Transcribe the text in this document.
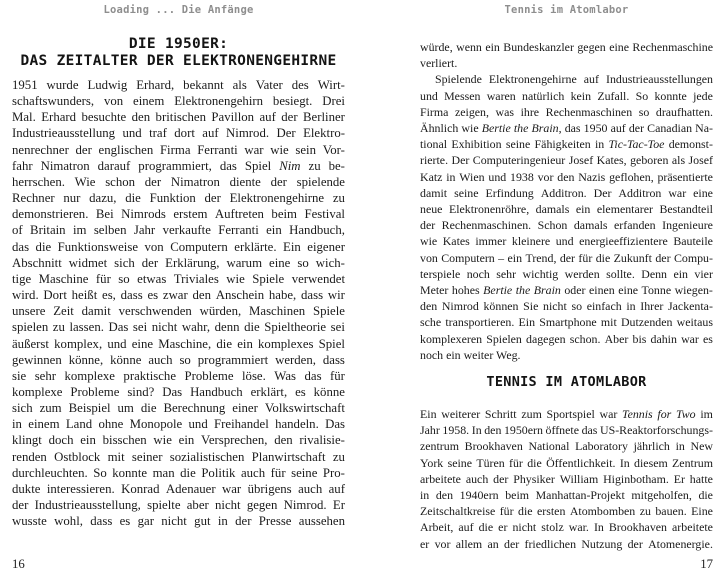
Loading ... Die Anfänge
DIE 1950ER:
DAS ZEITALTER DER ELEKTRONENGEHIRNE
1951 wurde Ludwig Erhard, bekannt als Vater des Wirt-
schaftswunders, von einem Elektronengehirn besiegt. Drei
Mal. Erhard besuchte den britischen Pavillon auf der Berliner
Industrieausstellung und traf dort auf Nimrod. Der Elektro-
nenrechner der englischen Firma Ferranti war wie sein Vor-
fahr Nimatron darauf programmiert, das Spiel Nim zu be-
herrschen. Wie schon der Nimatron diente der spielende
Rechner nur dazu, die Funktion der Elektronengehirne zu
demonstrieren. Bei Nimrods erstem Auftreten beim Festival
of Britain im selben Jahr verkaufte Ferranti ein Handbuch,
das die Funktionsweise von Computern erklärte. Ein eigener
Abschnitt widmet sich der Erklärung, warum eine so wich-
tige Maschine für so etwas Triviales wie Spiele verwendet
wird. Dort heißt es, dass es zwar den Anschein habe, dass wir
unsere Zeit damit verschwenden würden, Maschinen Spiele
spielen zu lassen. Das sei nicht wahr, denn die Spieltheorie sei
äußerst komplex, und eine Maschine, die ein komplexes Spiel
gewinnen könne, könne auch so programmiert werden, dass
sie sehr komplexe praktische Probleme löse. Was das für
komplexe Probleme sind? Das Handbuch erklärt, es könne
sich zum Beispiel um die Berechnung einer Volkswirtschaft
in einem Land ohne Monopole und Freihandel handeln. Das
klingt doch ein bisschen wie ein Versprechen, den rivalisie-
renden Ostblock mit seiner sozialistischen Planwirtschaft zu
durchleuchten. So konnte man die Politik auch für seine Pro-
dukte interessieren. Konrad Adenauer war übrigens auch auf
der Industrieausstellung, spielte aber nicht gegen Nimrod. Er
wusste wohl, dass es gar nicht gut in der Presse aussehen
16
Tennis im Atomlabor
würde, wenn ein Bundeskanzler gegen eine Rechenmaschine
verliert.
Spielende Elektronengehirne auf Industrieausstellungen
und Messen waren natürlich kein Zufall. So konnte jede
Firma zeigen, was ihre Rechenmaschinen so draufhatten.
Ähnlich wie Bertie the Brain, das 1950 auf der Canadian Na-
tional Exhibition seine Fähigkeiten in Tic-Tac-Toe demonst-
rierte. Der Computeringenieur Josef Kates, geboren als Josef
Katz in Wien und 1938 vor den Nazis geflohen, präsentierte
damit seine Erfindung Additron. Der Additron war eine
neue Elektronenröhre, damals ein elementarer Bestandteil
der Rechenmaschinen. Schon damals erfanden Ingenieure
wie Kates immer kleinere und energieeffizientere Bauteile
von Computern – ein Trend, der für die Zukunft der Compu-
terspiele noch sehr wichtig werden sollte. Denn ein vier
Meter hohes Bertie the Brain oder einen eine Tonne wiegen-
den Nimrod können Sie nicht so einfach in Ihrer Jackenta-
sche transportieren. Ein Smartphone mit Dutzenden weitaus
komplexeren Spielen dagegen schon. Aber bis dahin war es
noch ein weiter Weg.
TENNIS IM ATOMLABOR
Ein weiterer Schritt zum Sportspiel war Tennis for Two im
Jahr 1958. In den 1950ern öffnete das US-Reaktorforschungs-
zentrum Brookhaven National Laboratory jährlich in New
York seine Türen für die Öffentlichkeit. In diesem Zentrum
arbeitete auch der Physiker William Higinbotham. Er hatte
in den 1940ern beim Manhattan-Projekt mitgeholfen, die
Zeitschaltkreise für die ersten Atombomben zu bauen. Eine
Arbeit, auf die er nicht stolz war. In Brookhaven arbeitete
er vor allem an der friedlichen Nutzung der Atomenergie.
17
